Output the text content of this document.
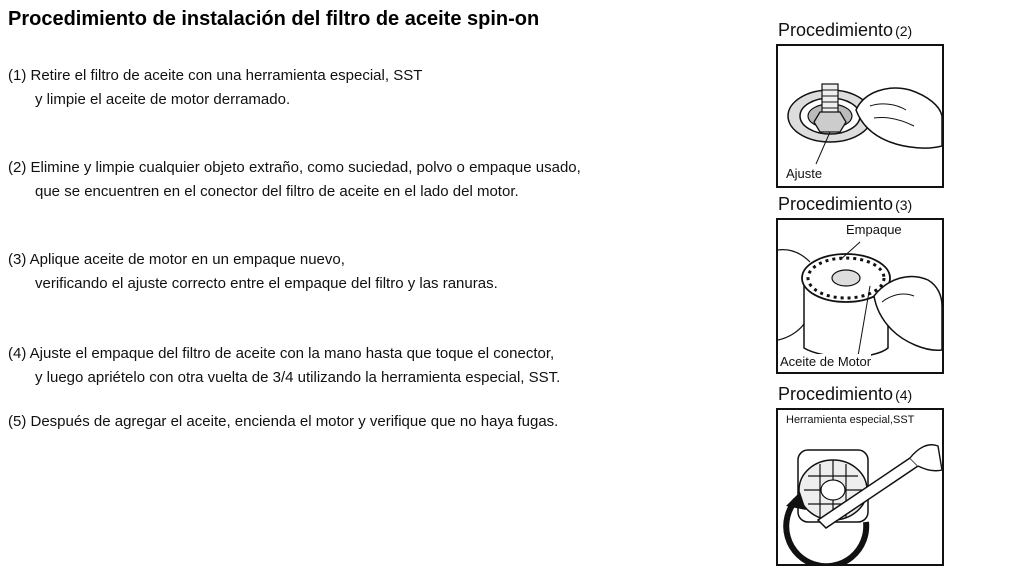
Procedimiento de instalación del filtro de aceite spin-on
(1) Retire el filtro de aceite con una herramienta especial, SST
y limpie el aceite de motor derramado.
(2) Elimine y limpie cualquier objeto extraño, como suciedad, polvo o empaque usado,
que se encuentren en el conector del filtro de aceite en el lado del motor.
(3) Aplique aceite de motor en un empaque nuevo,
verificando el ajuste correcto entre el empaque del filtro y las ranuras.
(4) Ajuste el empaque del filtro de aceite con la mano hasta que toque el conector,
y luego apriételo con otra vuelta de 3/4 utilizando la herramienta especial, SST.
(5) Después de agregar el aceite, encienda el motor y verifique que no haya fugas.
Procedimiento (2)
Ajuste
Procedimiento (3)
Empaque
Aceite de Motor
Procedimiento (4)
Herramienta especial,SST
